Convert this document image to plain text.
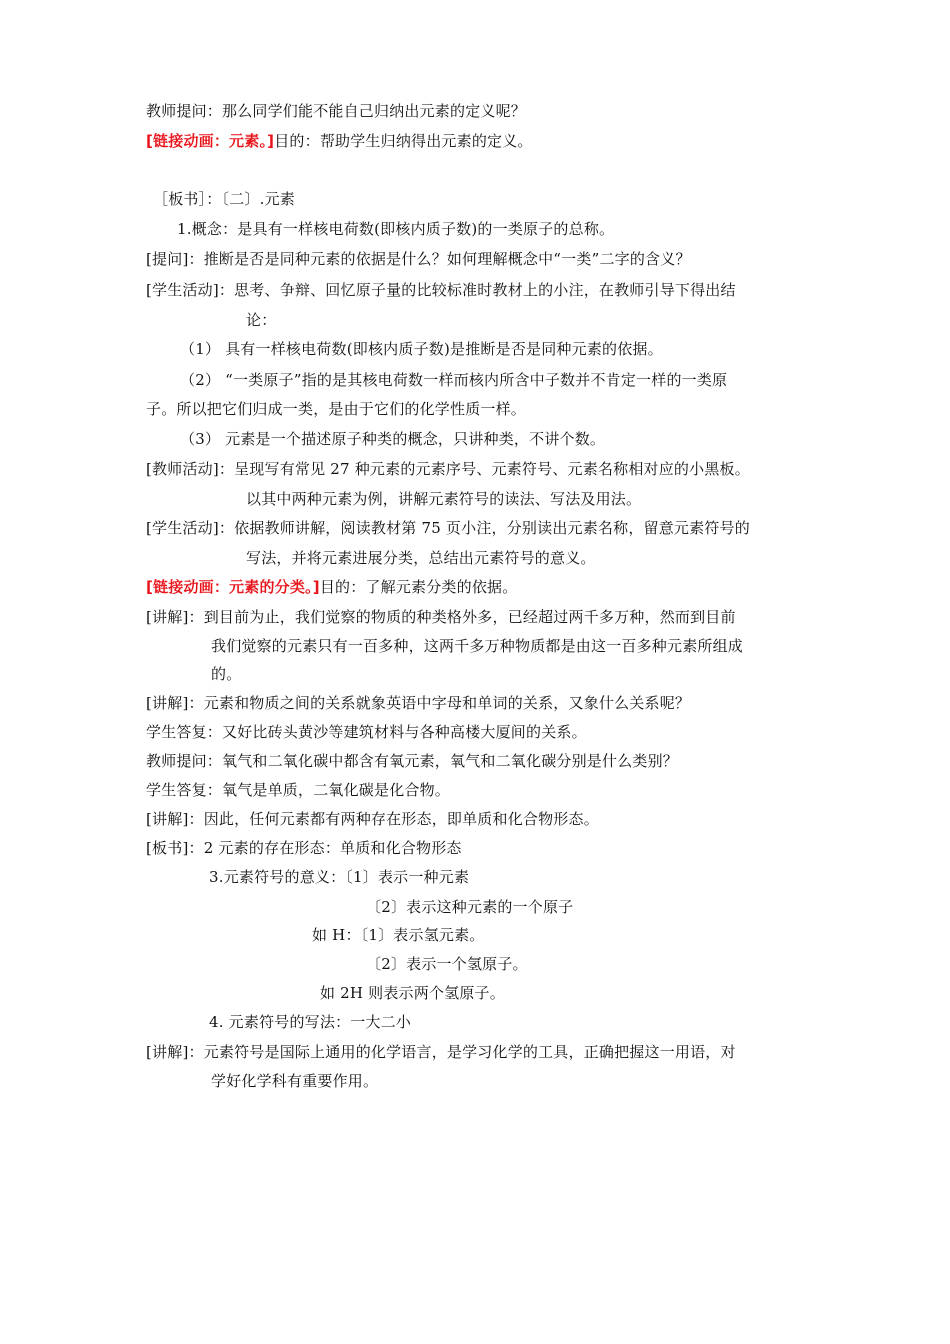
教师提问：那么同学们能不能自己归纳出元素的定义呢？
[链接动画：元素。]目的：帮助学生归纳得出元素的定义。
［板书］：〔二〕.元素
1.概念：是具有一样核电荷数(即核内质子数)的一类原子的总称。
[提问]：推断是否是同种元素的依据是什么？如何理解概念中“一类”二字的含义？
[学生活动]：思考、争辩、回忆原子量的比较标准时教材上的小注，在教师引导下得出结
论：
（1） 具有一样核电荷数(即核内质子数)是推断是否是同种元素的依据。
（2） “一类原子”指的是其核电荷数一样而核内所含中子数并不肯定一样的一类原
子。所以把它们归成一类，是由于它们的化学性质一样。
（3） 元素是一个描述原子种类的概念，只讲种类，不讲个数。
[教师活动]：呈现写有常见 27 种元素的元素序号、元素符号、元素名称相对应的小黑板。
以其中两种元素为例，讲解元素符号的读法、写法及用法。
[学生活动]：依据教师讲解，阅读教材第 75 页小注，分别读出元素名称，留意元素符号的
写法，并将元素进展分类，总结出元素符号的意义。
[链接动画：元素的分类。]目的：了解元素分类的依据。
[讲解]：到目前为止，我们觉察的物质的种类格外多，已经超过两千多万种，然而到目前
我们觉察的元素只有一百多种，这两千多万种物质都是由这一百多种元素所组成
的。
[讲解]：元素和物质之间的关系就象英语中字母和单词的关系，又象什么关系呢？
学生答复：又好比砖头黄沙等建筑材料与各种高楼大厦间的关系。
教师提问：氧气和二氧化碳中都含有氧元素，氧气和二氧化碳分别是什么类别？
学生答复：氧气是单质，二氧化碳是化合物。
[讲解]：因此，任何元素都有两种存在形态，即单质和化合物形态。
[板书]：2 元素的存在形态：单质和化合物形态
3.元素符号的意义：〔1〕表示一种元素
〔2〕表示这种元素的一个原子
如 H：〔1〕表示氢元素。
〔2〕表示一个氢原子。
如 2H 则表示两个氢原子。
4. 元素符号的写法：一大二小
[讲解]：元素符号是国际上通用的化学语言，是学习化学的工具，正确把握这一用语，对
学好化学科有重要作用。
